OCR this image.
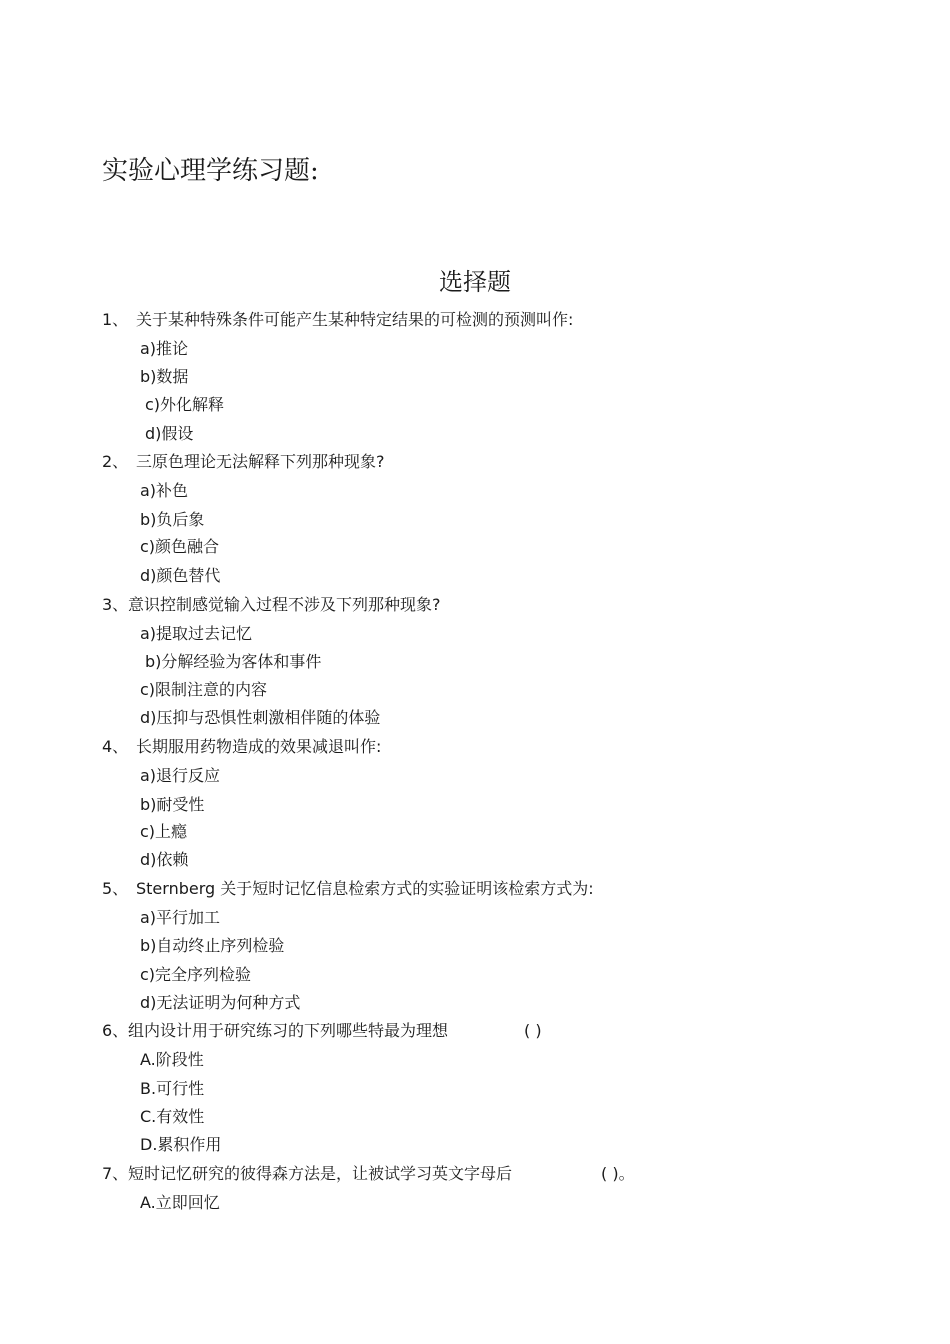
实验心理学练习题:
选择题
1、 关于某种特殊条件可能产生某种特定结果的可检测的预测叫作:
a)推论
b)数据
c)外化解释
d)假设
2、 三原色理论无法解释下列那种现象?
a)补色
b)负后象
c)颜色融合
d)颜色替代
3、意识控制感觉输入过程不涉及下列那种现象?
a)提取过去记忆
b)分解经验为客体和事件
c)限制注意的内容
d)压抑与恐惧性刺激相伴随的体验
4、 长期服用药物造成的效果减退叫作:
a)退行反应
b)耐受性
c)上瘾
d)依赖
5、 Sternberg 关于短时记忆信息检索方式的实验证明该检索方式为:
a)平行加工
b)自动终止序列检验
c)完全序列检验
d)无法证明为何种方式
6、组内设计用于研究练习的下列哪些特最为理想	( )
A.阶段性
B.可行性
C.有效性
D.累积作用
7、短时记忆研究的彼得森方法是，让被试学习英文字母后	( )。
A.立即回忆
